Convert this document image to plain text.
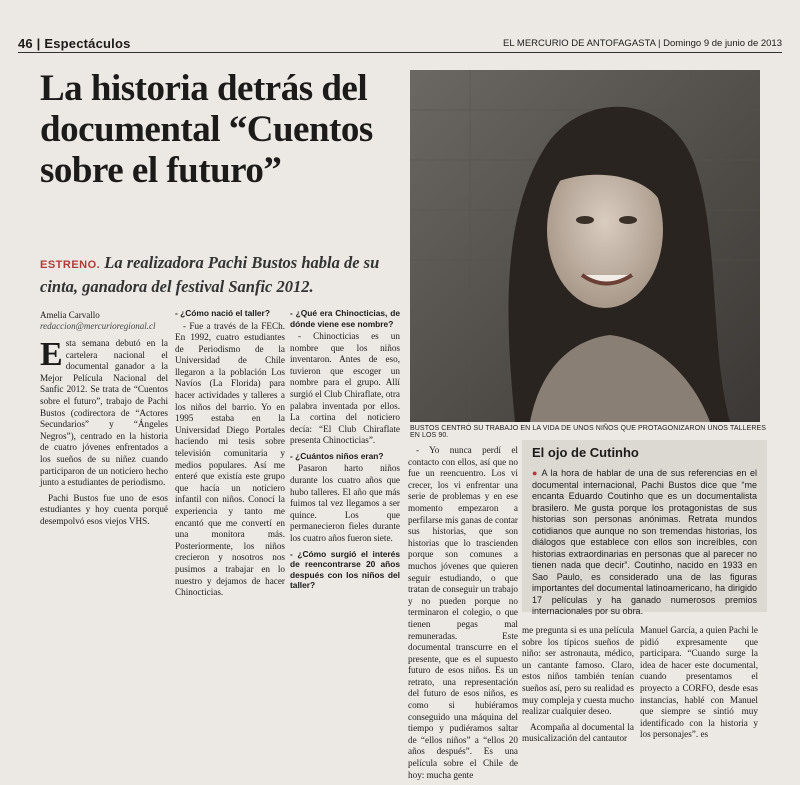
46 | Espectáculos	EL MERCURIO DE ANTOFAGASTA | Domingo 9 de junio de 2013
La historia detrás del documental “Cuentos sobre el futuro”
ESTRENO. La realizadora Pachi Bustos habla de su cinta, ganadora del festival Sanfic 2012.
Amelia Carvallo
redaccion@mercurioregional.cl

Esta semana debutó en la cartelera nacional el documental ganador a la Mejor Película Nacional del Sanfic 2012. Se trata de “Cuentos sobre el futuro”, trabajo de Pachi Bustos (codirectora de “Actores Secundarios” y “Ángeles Negros”), centrado en la historia de cuatro jóvenes enfrentados a los sueños de su niñez cuando participaron de un noticiero hecho junto a estudiantes de periodismo.

Pachi Bustos fue uno de esos estudiantes y hoy cuenta porqué desempolvó esos viejos VHS.

- ¿Cómo nació el taller?

- Fue a través de la FECh. En 1992, cuatro estudiantes de Periodismo de la Universidad de Chile llegaron a la población Los Navíos (La Florida) para hacer actividades y talleres a los niños del barrio. Yo en 1995 estaba en la Universidad Diego Portales haciendo mi tesis sobre televisión comunitaria y medios populares. Así me enteré que existía este grupo que hacía un noticiero infantil con niños. Conocí la experiencia y tanto me encantó que me convertí en una monitora más. Posteriormente, los niños crecieron y nosotros nos pusimos a trabajar en lo nuestro y dejamos de hacer Chinocticias.

- ¿Qué era Chinocticias, de dónde viene ese nombre?

- Chinocticias es un nombre que los niños inventaron. Antes de eso, tuvieron que escoger un nombre para el grupo. Allí surgió el Club Chiraflate, otra palabra inventada por ellos. La cortina del noticiero decía: “El Club Chiraflate presenta Chinocticias”.

- ¿Cuántos niños eran?

Pasaron harto niños durante los cuatro años que hubo talleres. El año que más fuimos tal vez llegamos a ser quince. Los que permanecieron fieles durante los cuatro años fueron siete.

- ¿Cómo surgió el interés de reencontrarse 20 años después con los niños del taller?

BUSTOS CENTRÓ SU TRABAJO EN LA VIDA DE UNOS NIÑOS QUE PROTAGONIZARON UNOS TALLERES EN LOS 90.

- Yo nunca perdí el contacto con ellos, así que no fue un reencuentro. Los vi crecer, los vi enfrentar una serie de problemas y en ese momento empezaron a perfilarse mis ganas de contar sus historias, que son historias que lo trascienden porque son comunes a muchos jóvenes que quieren seguir estudiando, o que tratan de conseguir un trabajo y no pueden porque no terminaron el colegio, o que tienen pegas mal remuneradas. Este documental transcurre en el presente, que es el supuesto futuro de esos niños. Es un retrato, una representación del futuro de esos niños, es como si hubiéramos conseguido una máquina del tiempo y pudiéramos saltar de “ellos niños” a “ellos 20 años después”. Es una película sobre el Chile de hoy: mucha gente

El ojo de Cutinho
● A la hora de hablar de una de sus referencias en el documental internacional, Pachi Bustos dice que “me encanta Eduardo Coutinho que es un documentalista brasilero. Me gusta porque los protagonistas de sus historias son personas anónimas. Retrata mundos cotidianos que aunque no son tremendas historias, los diálogos que establece con ellos son increíbles, con historias extraordinarias en personas que al parecer no tienen nada que decir”. Coutinho, nacido en 1933 en Sao Paulo, es considerado una de las figuras importantes del documental latinoamericano, ha dirigido 17 películas y ha ganado numerosos premios internacionales por su obra.

me pregunta si es una película sobre los típicos sueños de niño: ser astronauta, médico, un cantante famoso. Claro, estos niños también tenían sueños así, pero su realidad es muy compleja y cuesta mucho realizar cualquier deseo.

Acompaña al documental la musicalización del cantautor

Manuel García, a quien Pachi le pidió expresamente que participara. “Cuando surge la idea de hacer este documental, cuando presentamos el proyecto a CORFO, desde esas instancias, hablé con Manuel que siempre se sintió muy identificado con la historia y los personajes”. es
